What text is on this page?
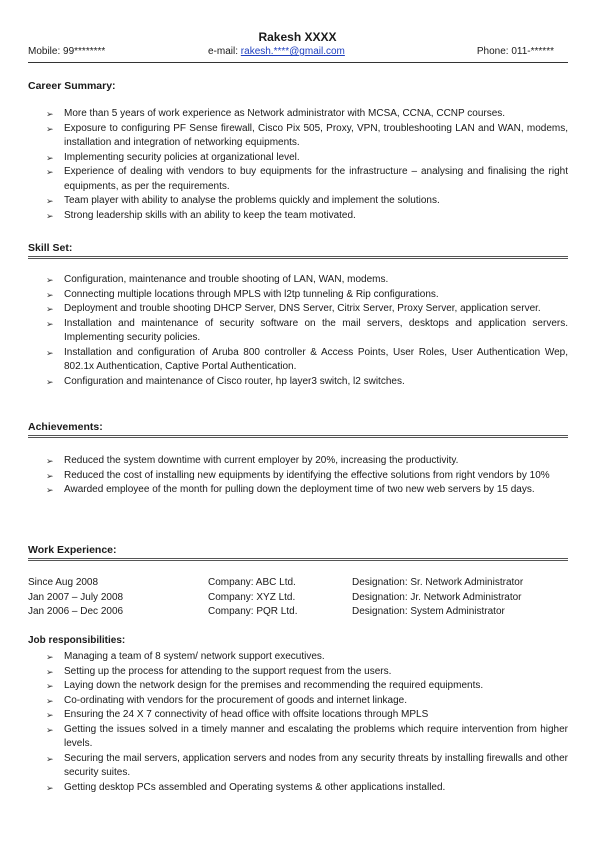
Rakesh XXXX
Mobile: 99********	e-mail: rakesh.****@gmail.com	Phone: 011-******
Career Summary:
➢ More than 5 years of work experience as Network administrator with MCSA, CCNA, CCNP courses.
➢ Exposure to configuring PF Sense firewall, Cisco Pix 505, Proxy, VPN, troubleshooting LAN and WAN, modems, installation and integration of networking equipments.
➢ Implementing security policies at organizational level.
➢ Experience of dealing with vendors to buy equipments for the infrastructure – analysing and finalising the right equipments, as per the requirements.
➢ Team player with ability to analyse the problems quickly and implement the solutions.
➢ Strong leadership skills with an ability to keep the team motivated.
Skill Set:
➢ Configuration, maintenance and trouble shooting of LAN, WAN, modems.
➢ Connecting multiple locations through MPLS with l2tp tunneling & Rip configurations.
➢ Deployment and trouble shooting DHCP Server, DNS Server, Citrix Server, Proxy Server, application server.
➢ Installation and maintenance of security software on the mail servers, desktops and application servers. Implementing security policies.
➢ Installation and configuration of Aruba 800 controller & Access Points, User Roles, User Authentication Wep, 802.1x Authentication, Captive Portal Authentication.
➢ Configuration and maintenance of Cisco router, hp layer3 switch, l2 switches.
Achievements:
➢ Reduced the system downtime with current employer by 20%, increasing the productivity.
➢ Reduced the cost of installing new equipments by identifying the effective solutions from right vendors by 10%
➢ Awarded employee of the month for pulling down the deployment time of two new web servers by 15 days.
Work Experience:
Since Aug 2008	Company: ABC Ltd.	Designation: Sr. Network Administrator
Jan 2007 – July 2008	Company: XYZ Ltd.	Designation: Jr. Network Administrator
Jan 2006 – Dec 2006	Company: PQR Ltd.	Designation: System Administrator
Job responsibilities:
➢ Managing a team of 8 system/ network support executives.
➢ Setting up the process for attending to the support request from the users.
➢ Laying down the network design for the premises and recommending the required equipments.
➢ Co-ordinating with vendors for the procurement of goods and internet linkage.
➢ Ensuring the 24 X 7 connectivity of head office with offsite locations through MPLS
➢ Getting the issues solved in a timely manner and escalating the problems which require intervention from higher levels.
➢ Securing the mail servers, application servers and nodes from any security threats by installing firewalls and other security suites.
➢ Getting desktop PCs assembled and Operating systems & other applications installed.
